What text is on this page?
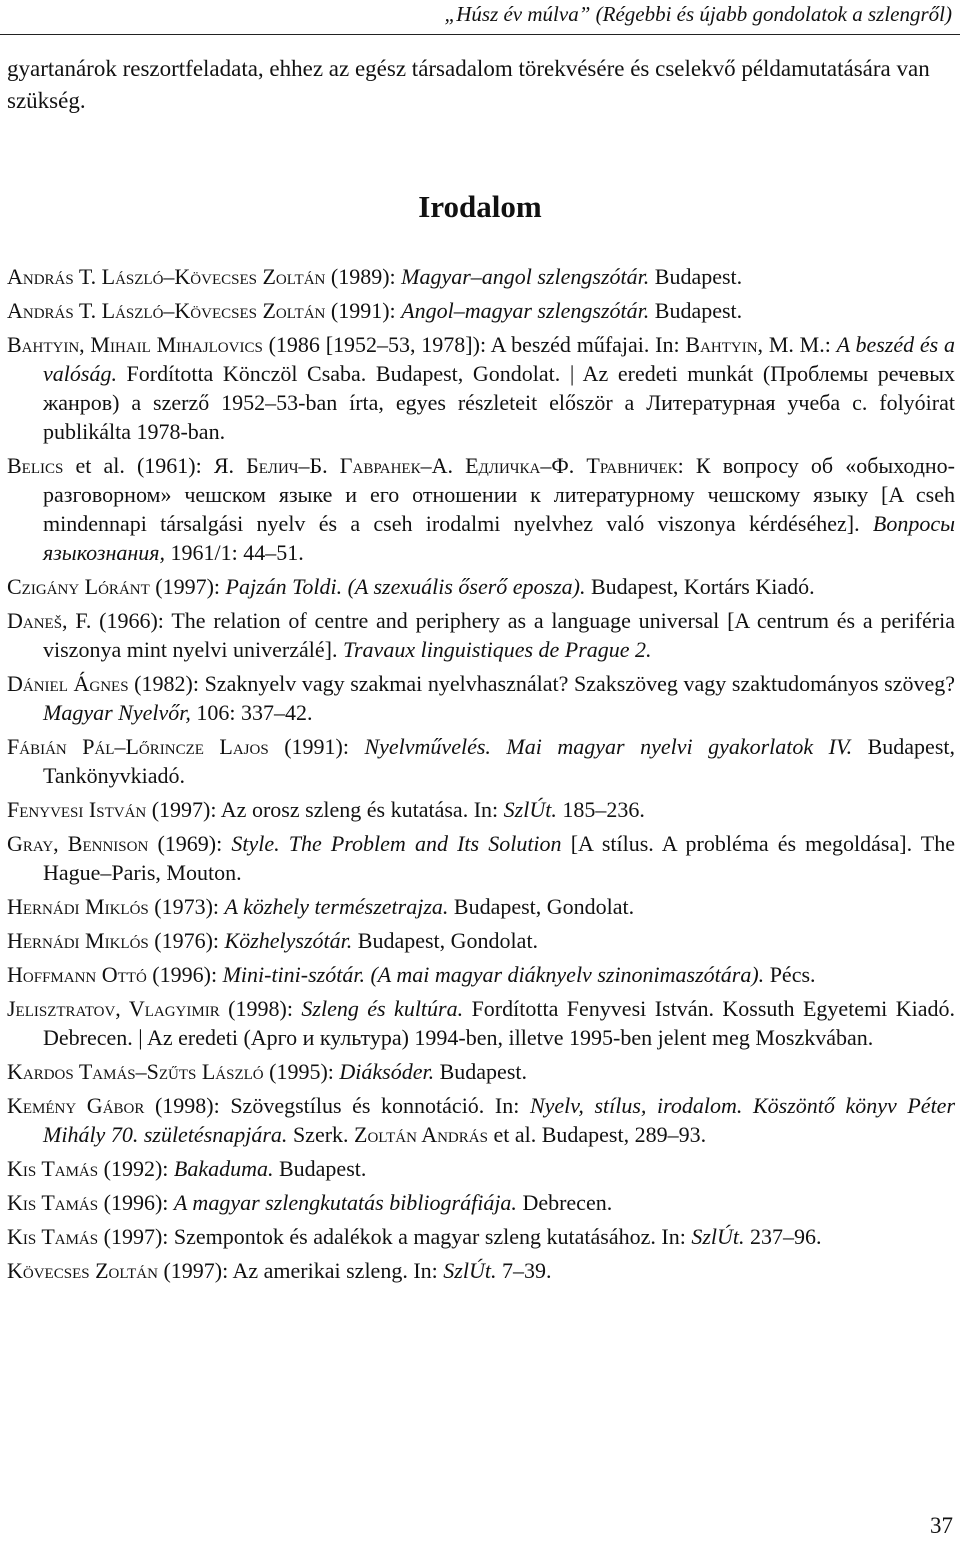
„Húsz év múlva” (Régebbi és újabb gondolatok a szlengről)

gyartanárok reszortfeladata, ehhez az egész társadalom törekvésére és cselekvő példamutatására van szükség.

Irodalom

András T. László–Kövecses Zoltán (1989): Magyar–angol szlengszótár. Budapest.

András T. László–Kövecses Zoltán (1991): Angol–magyar szlengszótár. Budapest.

Bahtyin, Mihail Mihajlovics (1986 [1952–53, 1978]): A beszéd műfajai. In: Bahtyin, M. M.: A beszéd és a valóság. Fordította Könczöl Csaba. Budapest, Gondolat. | Az eredeti munkát (Проблемы речевых жанров) a szerző 1952–53-ban írta, egyes részleteit először a Литературная учеба c. folyóirat publikálta 1978-ban.

Belics et al. (1961): Я. Белич–Б. Гавранек–А. Едличка–Ф. Травничек: К вопросу об «обыходно-разговорном» чешском языке и его отношении к литературному чешскому языку [A cseh mindennapi társalgási nyelv és a cseh irodalmi nyelvhez való viszonya kérdéséhez]. Вопросы языкознания, 1961/1: 44–51.

Czigány Lóránt (1997): Pajzán Toldi. (A szexuális őserő eposza). Budapest, Kortárs Kiadó.

Daneš, F. (1966): The relation of centre and periphery as a language universal [A centrum és a periféria viszonya mint nyelvi univerzálé]. Travaux linguistiques de Prague 2.

Dániel Ágnes (1982): Szaknyelv vagy szakmai nyelvhasználat? Szakszöveg vagy szaktudományos szöveg? Magyar Nyelvőr, 106: 337–42.

Fábián Pál–Lőrincze Lajos (1991): Nyelvművelés. Mai magyar nyelvi gyakorlatok IV. Budapest, Tankönyvkiadó.

Fenyvesi István (1997): Az orosz szleng és kutatása. In: SzlÚt. 185–236.

Gray, Bennison (1969): Style. The Problem and Its Solution [A stílus. A probléma és megoldása]. The Hague–Paris, Mouton.

Hernádi Miklós (1973): A közhely természetrajza. Budapest, Gondolat.

Hernádi Miklós (1976): Közhelyszótár. Budapest, Gondolat.

Hoffmann Ottó (1996): Mini-tini-szótár. (A mai magyar diáknyelv szinonimaszótára). Pécs.

Jelisztratov, Vlagyimir (1998): Szleng és kultúra. Fordította Fenyvesi István. Kossuth Egyetemi Kiadó. Debrecen. | Az eredeti (Арго и культура) 1994-ben, illetve 1995-ben jelent meg Moszkvában.

Kardos Tamás–Szűts László (1995): Diáksóder. Budapest.

Kemény Gábor (1998): Szövegstílus és konnotáció. In: Nyelv, stílus, irodalom. Köszöntő könyv Péter Mihály 70. születésnapjára. Szerk. Zoltán András et al. Budapest, 289–93.

Kis Tamás (1992): Bakaduma. Budapest.

Kis Tamás (1996): A magyar szlengkutatás bibliográfiája. Debrecen.

Kis Tamás (1997): Szempontok és adalékok a magyar szleng kutatásához. In: SzlÚt. 237–96.

Kövecses Zoltán (1997): Az amerikai szleng. In: SzlÚt. 7–39.

37
